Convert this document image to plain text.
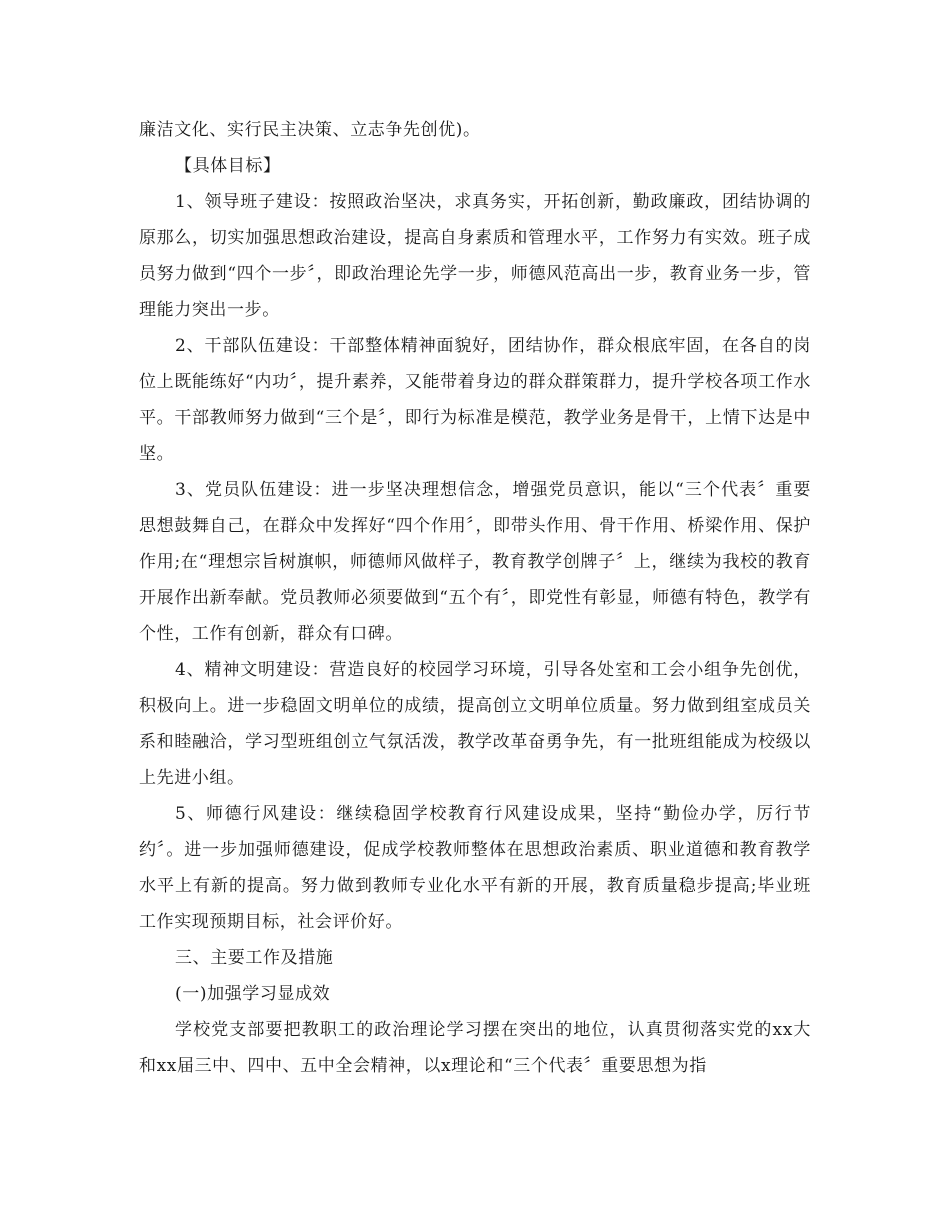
廉洁文化、实行民主决策、立志争先创优)。

【具体目标】

1、领导班子建设：按照政治坚决，求真务实，开拓创新，勤政廉政，团结协调的原那么，切实加强思想政治建设，提高自身素质和管理水平，工作努力有实效。班子成员努力做到“四个一步〞，即政治理论先学一步，师德风范高出一步，教育业务一步，管理能力突出一步。

2、干部队伍建设：干部整体精神面貌好，团结协作，群众根底牢固，在各自的岗位上既能练好“内功〞，提升素养，又能带着身边的群众群策群力，提升学校各项工作水平。干部教师努力做到“三个是〞，即行为标准是模范，教学业务是骨干，上情下达是中坚。

3、党员队伍建设：进一步坚决理想信念，增强党员意识，能以“三个代表〞重要思想鼓舞自己，在群众中发挥好“四个作用〞，即带头作用、骨干作用、桥梁作用、保护作用;在“理想宗旨树旗帜，师德师风做样子，教育教学创牌子〞上，继续为我校的教育开展作出新奉献。党员教师必须要做到“五个有〞，即党性有彰显，师德有特色，教学有个性，工作有创新，群众有口碑。

4、精神文明建设：营造良好的校园学习环境，引导各处室和工会小组争先创优，积极向上。进一步稳固文明单位的成绩，提高创立文明单位质量。努力做到组室成员关系和睦融洽，学习型班组创立气氛活泼，教学改革奋勇争先，有一批班组能成为校级以上先进小组。

5、师德行风建设：继续稳固学校教育行风建设成果，坚持“勤俭办学，厉行节约〞。进一步加强师德建设，促成学校教师整体在思想政治素质、职业道德和教育教学水平上有新的提高。努力做到教师专业化水平有新的开展，教育质量稳步提高;毕业班工作实现预期目标，社会评价好。

三、主要工作及措施

(一)加强学习显成效

学校党支部要把教职工的政治理论学习摆在突出的地位，认真贯彻落实党的xx大和xx届三中、四中、五中全会精神，以x理论和“三个代表〞重要思想为指
